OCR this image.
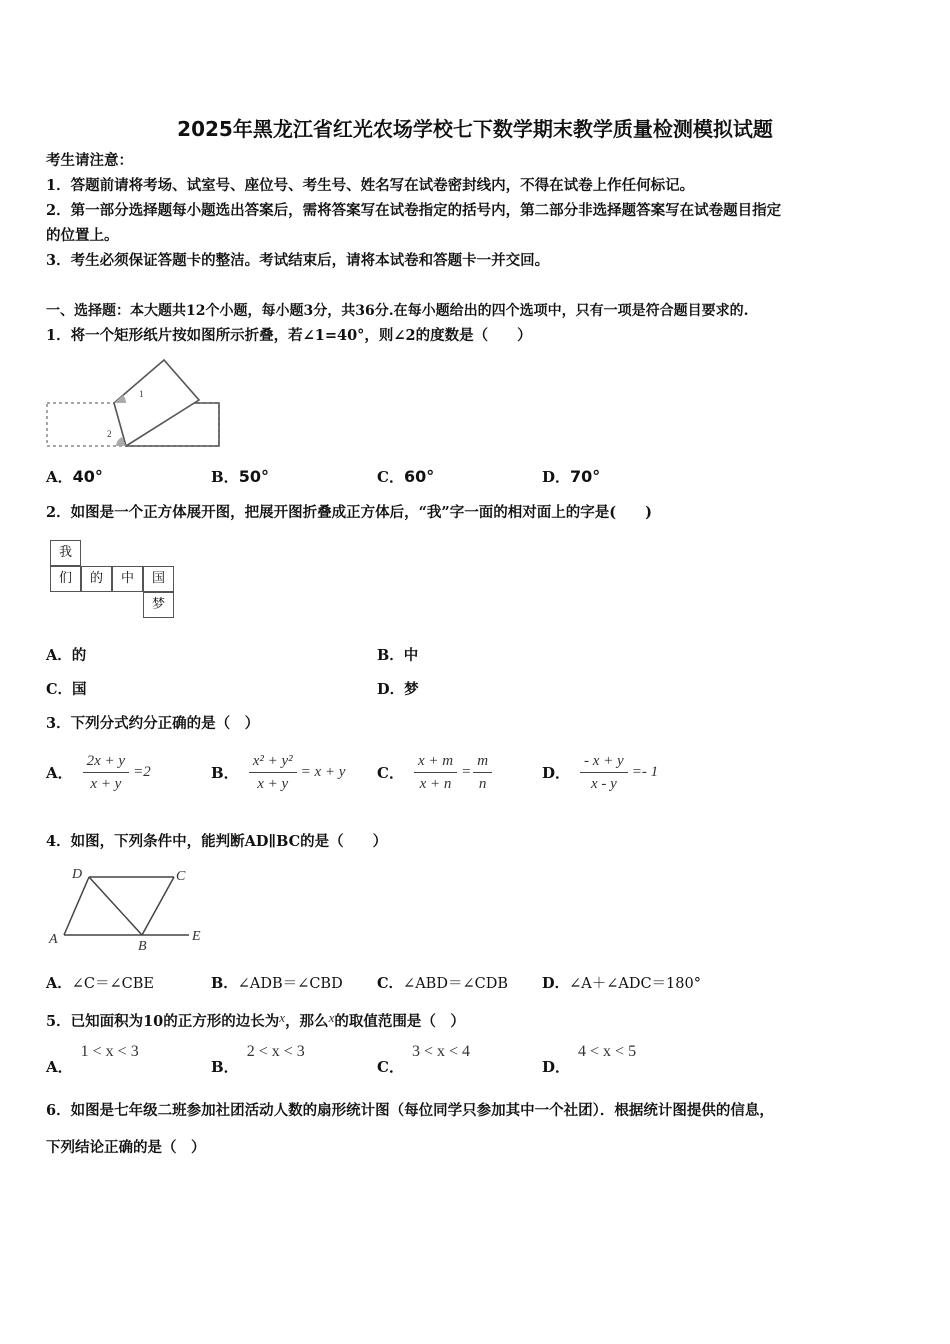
2025年黑龙江省红光农场学校七下数学期末教学质量检测模拟试题
考生请注意：
1．答题前请将考场、试室号、座位号、考生号、姓名写在试卷密封线内，不得在试卷上作任何标记。
2．第一部分选择题每小题选出答案后，需将答案写在试卷指定的括号内，第二部分非选择题答案写在试卷题目指定
的位置上。
3．考生必须保证答题卡的整洁。考试结束后，请将本试卷和答题卡一并交回。
一、选择题：本大题共12个小题，每小题3分，共36分.在每小题给出的四个选项中，只有一项是符合题目要求的.
1．将一个矩形纸片按如图所示折叠，若∠1=40°，则∠2的度数是（　　）
1
2
A．40°	B．50°	C．60°	D．70°
2．如图是一个正方体展开图，把展开图折叠成正方体后，“我”字一面的相对面上的字是(　　)
我
们	的	中	国
梦
A．的	B．中
C．国	D．梦
3．下列分式约分正确的是（　）
A． $\frac{2x + y}{x + y} =2$	B． $\frac{\text{x² + y²}}{x + y} = x + y$ C． $\frac{x + m}{x + n} = \frac{m}{n}$	D． $\frac{- x + y}{x - y} =- 1$
4．如图，下列条件中，能判断AD∥BC的是（　　）
D	C
A	B
E
A．∠C＝∠CBE	B．∠ADB＝∠CBD C．∠ABD＝∠CDB D．∠A＋∠ADC＝180°
5．已知面积为10的正方形的边长为x，那么x的取值范围是（　）
A．1 < x < 3
B．2 < x < 3
C．3 < x < 4
D．4 < x < 5
6．如图是七年级二班参加社团活动人数的扇形统计图（每位同学只参加其中一个社团）．根据统计图提供的信息，
下列结论正确的是（　）
